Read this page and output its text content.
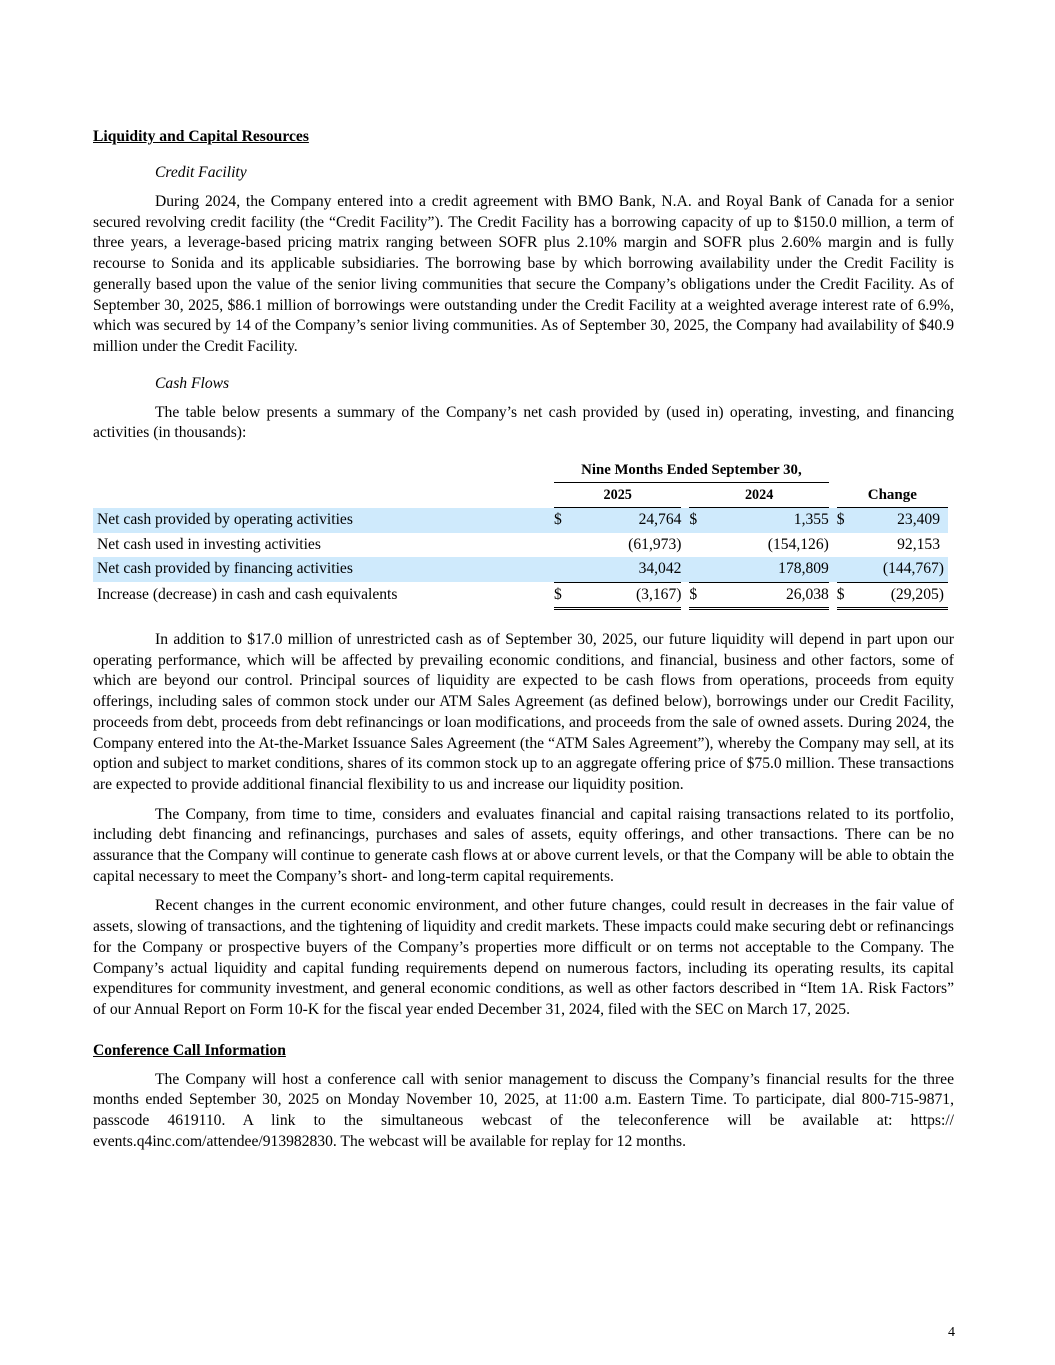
Liquidity and Capital Resources

Credit Facility

During 2024, the Company entered into a credit agreement with BMO Bank, N.A. and Royal Bank of Canada for a senior secured revolving credit facility (the “Credit Facility”). The Credit Facility has a borrowing capacity of up to $150.0 million, a term of three years, a leverage-based pricing matrix ranging between SOFR plus 2.10% margin and SOFR plus 2.60% margin and is fully recourse to Sonida and its applicable subsidiaries. The borrowing base by which borrowing availability under the Credit Facility is generally based upon the value of the senior living communities that secure the Company’s obligations under the Credit Facility. As of September 30, 2025, $86.1 million of borrowings were outstanding under the Credit Facility at a weighted average interest rate of 6.9%, which was secured by 14 of the Company’s senior living communities. As of September 30, 2025, the Company had availability of $40.9 million under the Credit Facility.

Cash Flows

The table below presents a summary of the Company’s net cash provided by (used in) operating, investing, and financing activities (in thousands):

	Nine Months Ended September 30,							
	2025			2024			Change	
Net cash provided by operating activities	$	24,764		$	1,355		$	23,409
Net cash used in investing activities		(61,973)			(154,126)			92,153
Net cash provided by financing activities		34,042			178,809			(144,767)
Increase (decrease) in cash and cash equivalents	$	(3,167)		$	26,038		$	(29,205)

In addition to $17.0 million of unrestricted cash as of September 30, 2025, our future liquidity will depend in part upon our operating performance, which will be affected by prevailing economic conditions, and financial, business and other factors, some of which are beyond our control. Principal sources of liquidity are expected to be cash flows from operations, proceeds from equity offerings, including sales of common stock under our ATM Sales Agreement (as defined below), borrowings under our Credit Facility, proceeds from debt, proceeds from debt refinancings or loan modifications, and proceeds from the sale of owned assets. During 2024, the Company entered into the At-the-Market Issuance Sales Agreement (the “ATM Sales Agreement”), whereby the Company may sell, at its option and subject to market conditions, shares of its common stock up to an aggregate offering price of $75.0 million. These transactions are expected to provide additional financial flexibility to us and increase our liquidity position.

The Company, from time to time, considers and evaluates financial and capital raising transactions related to its portfolio, including debt financing and refinancings, purchases and sales of assets, equity offerings, and other transactions. There can be no assurance that the Company will continue to generate cash flows at or above current levels, or that the Company will be able to obtain the capital necessary to meet the Company’s short- and long-term capital requirements.

Recent changes in the current economic environment, and other future changes, could result in decreases in the fair value of assets, slowing of transactions, and the tightening of liquidity and credit markets. These impacts could make securing debt or refinancings for the Company or prospective buyers of the Company’s properties more difficult or on terms not acceptable to the Company. The Company’s actual liquidity and capital funding requirements depend on numerous factors, including its operating results, its capital expenditures for community investment, and general economic conditions, as well as other factors described in “Item 1A. Risk Factors” of our Annual Report on Form 10-K for the fiscal year ended December 31, 2024, filed with the SEC on March 17, 2025.

Conference Call Information

The Company will host a conference call with senior management to discuss the Company’s financial results for the three months ended September 30, 2025 on Monday November 10, 2025, at 11:00 a.m. Eastern Time. To participate, dial 800-715-9871, passcode 4619110. A link to the simultaneous webcast of the teleconference will be available at: https:// events.q4inc.com/attendee/913982830. The webcast will be available for replay for 12 months.

4
